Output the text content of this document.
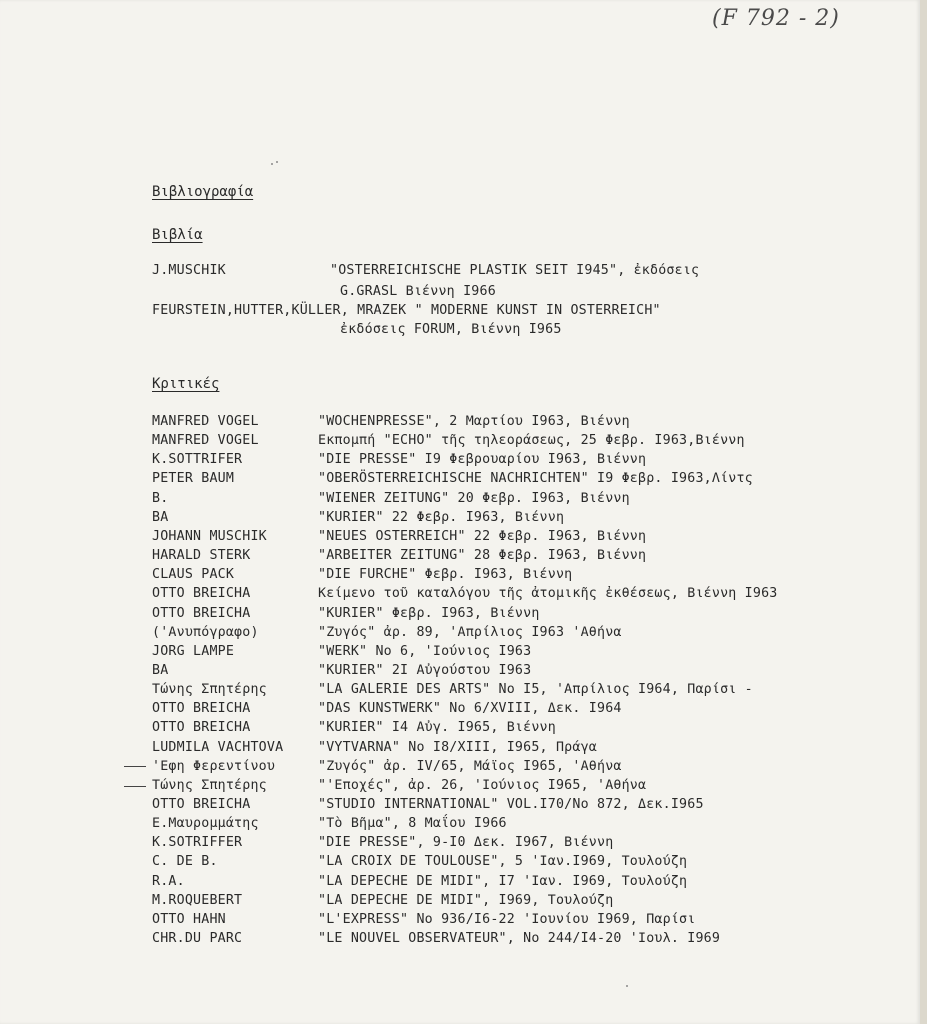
(F 792 - 2)
Βιβλιογραφία
Βιβλία
J.MUSCHIK	"OSTERREICHISCHE PLASTIK SEIT I945", ἐκδόσεις
G.GRASL Βιέννη I966
FEURSTEIN,HUTTER,KÜLLER, MRAZEK " MODERNE KUNST IN OSTERREICH"
ἐκδόσεις FORUM, Βιέννη I965
Κριτικές
MANFRED VOGEL	"WOCHENPRESSE", 2 Μαρτίου I963, Βιέννη
MANFRED VOGEL	Εκπομπή "ECHO" τῆς τηλεοράσεως, 25 Φεβρ. I963,Βιέννη
K.SOTTRIFER	"DIE PRESSE" I9 Φεβρουαρίου I963, Βιέννη
PETER BAUM	"OBERÖSTERREICHISCHE NACHRICHTEN" I9 Φεβρ. I963,Λίντς
B.	"WIENER ZEITUNG" 20 Φεβρ. I963, Βιέννη
BA	"KURIER" 22 Φεβρ. I963, Βιέννη
JOHANN MUSCHIK	"NEUES OSTERREICH" 22 Φεβρ. I963, Βιέννη
HARALD STERK	"ARBEITER ZEITUNG" 28 Φεβρ. I963, Βιέννη
CLAUS PACK	"DIE FURCHE" Φεβρ. I963, Βιέννη
OTTO BREICHA	Κείμενο τοῦ καταλόγου τῆς ἀτομικῆς ἐκθέσεως, Βιέννη I963
OTTO BREICHA	"KURIER" Φεβρ. I963, Βιέννη
('Ανυπόγραφο)	"Ζυγός" ἀρ. 89, 'Απρίλιος I963 'Αθήνα
JORG LAMPE	"WERK" No 6, 'Ιούνιος I963
BA	"KURIER" 2I Αὐγούστου I963
Τώνης Σπητέρης	"LA GALERIE DES ARTS" No I5, 'Απρίλιος I964, Παρίσι -
OTTO BREICHA	"DAS KUNSTWERK" No 6/XVIII, Δεκ. I964
OTTO BREICHA	"KURIER" I4 Αὐγ. I965, Βιέννη
LUDMILA VACHTOVA	"VYTVARNA" No I8/XIII, I965, Πράγα
'Εφη Φερεντίνου	"Ζυγός" ἀρ. IV/65, Μάϊος I965, 'Αθήνα
Τώνης Σπητέρης	"'Εποχές", ἀρ. 26, 'Ιούνιος I965, 'Αθήνα
OTTO BREICHA	"STUDIO INTERNATIONAL" VOL.I70/No 872, Δεκ.I965
Ε.Μαυρομμάτης	"Τὸ Βῆμα", 8 Μαΐου I966
K.SOTRIFFER	"DIE PRESSE", 9-I0 Δεκ. I967, Βιέννη
C. DE B.	"LA CROIX DE TOULOUSE", 5 'Ιαν.I969, Τουλούζη
R.A.	"LA DEPECHE DE MIDI", I7 'Ιαν. I969, Τουλούζη
M.ROQUEBERT	"LA DEPECHE DE MIDI", I969, Τουλούζη
OTTO HAHN	"L'EXPRESS" No 936/I6-22 'Ιουνίου I969, Παρίσι
CHR.DU PARC	"LE NOUVEL OBSERVATEUR", No 244/I4-20 'Ιουλ. I969
